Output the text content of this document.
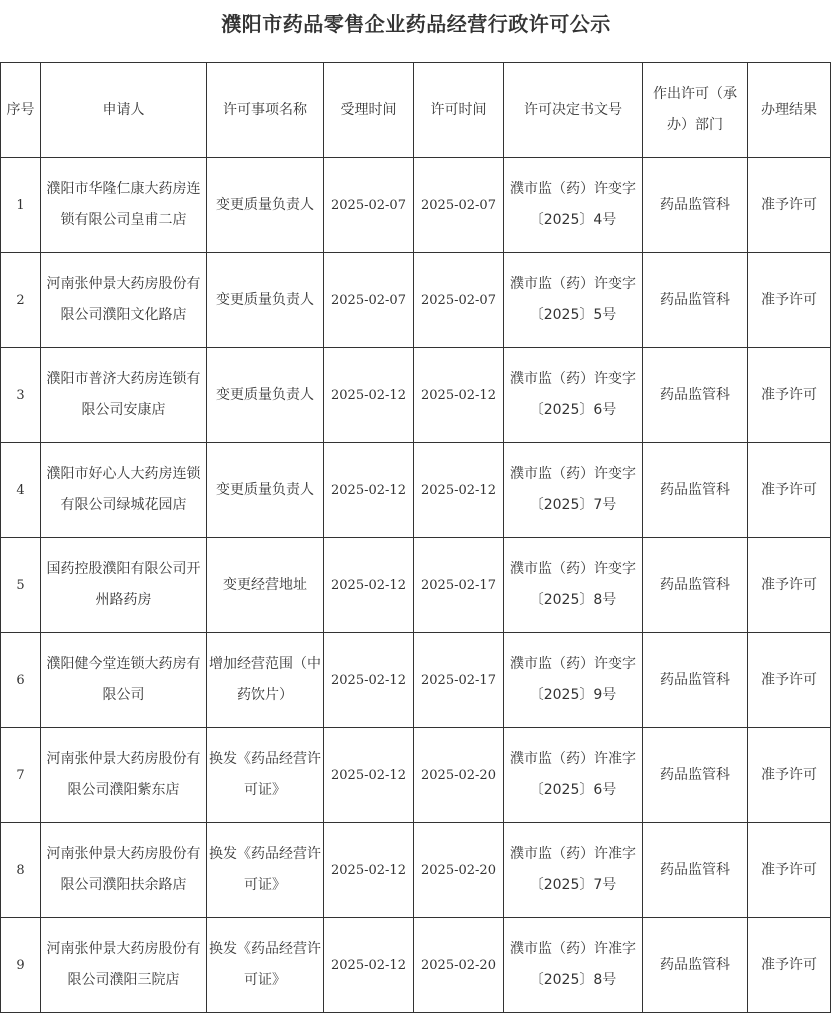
濮阳市药品零售企业药品经营行政许可公示
序号	申请人	许可事项名称	受理时间	许可时间	许可决定书文号	作出许可（承办）部门	办理结果
1	濮阳市华隆仁康大药房连锁有限公司皇甫二店	变更质量负责人	2025-02-07	2025-02-07	濮市监（药）许变字〔2025〕4号	药品监管科	准予许可
2	河南张仲景大药房股份有限公司濮阳文化路店	变更质量负责人	2025-02-07	2025-02-07	濮市监（药）许变字〔2025〕5号	药品监管科	准予许可
3	濮阳市普济大药房连锁有限公司安康店	变更质量负责人	2025-02-12	2025-02-12	濮市监（药）许变字〔2025〕6号	药品监管科	准予许可
4	濮阳市好心人大药房连锁有限公司绿城花园店	变更质量负责人	2025-02-12	2025-02-12	濮市监（药）许变字〔2025〕7号	药品监管科	准予许可
5	国药控股濮阳有限公司开州路药房	变更经营地址	2025-02-12	2025-02-17	濮市监（药）许变字〔2025〕8号	药品监管科	准予许可
6	濮阳健今堂连锁大药房有限公司	增加经营范围（中药饮片）	2025-02-12	2025-02-17	濮市监（药）许变字〔2025〕9号	药品监管科	准予许可
7	河南张仲景大药房股份有限公司濮阳紫东店	换发《药品经营许可证》	2025-02-12	2025-02-20	濮市监（药）许准字〔2025〕6号	药品监管科	准予许可
8	河南张仲景大药房股份有限公司濮阳扶余路店	换发《药品经营许可证》	2025-02-12	2025-02-20	濮市监（药）许准字〔2025〕7号	药品监管科	准予许可
9	河南张仲景大药房股份有限公司濮阳三院店	换发《药品经营许可证》	2025-02-12	2025-02-20	濮市监（药）许准字〔2025〕8号	药品监管科	准予许可
